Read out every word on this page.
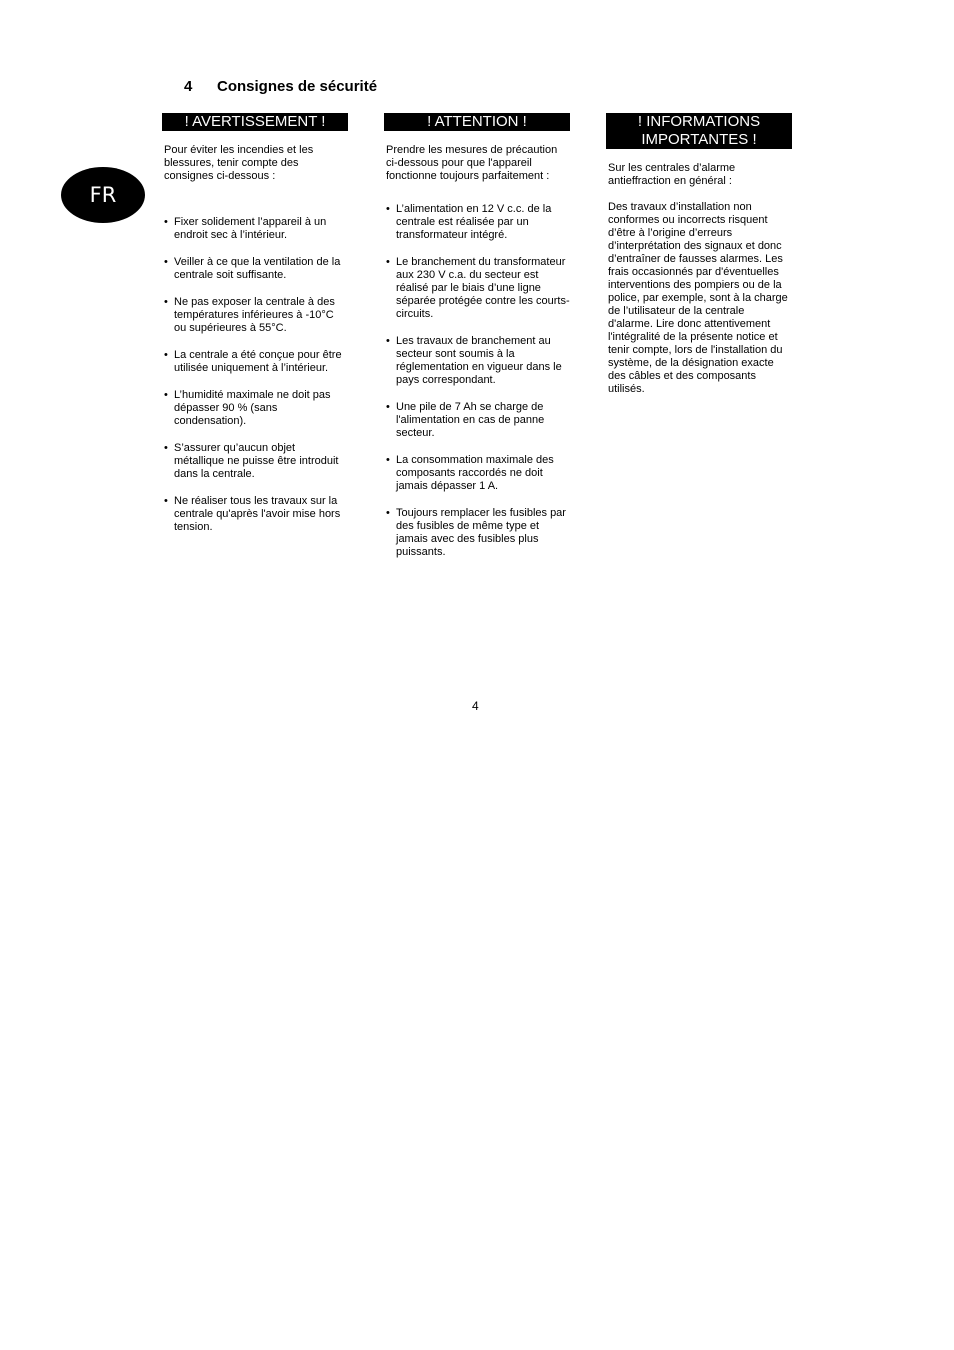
FR
4 Consignes de sécurité
! AVERTISSEMENT !

Pour éviter les incendies et les blessures, tenir compte des consignes ci-dessous :

• Fixer solidement l’appareil à un endroit sec à l’intérieur.
• Veiller à ce que la ventilation de la centrale soit suffisante.
• Ne pas exposer la centrale à des températures inférieures à -10°C ou supérieures à 55°C.
• La centrale a été conçue pour être utilisée uniquement à l’intérieur.
• L’humidité maximale ne doit pas dépasser 90 % (sans condensation).
• S’assurer qu’aucun objet métallique ne puisse être introduit dans la centrale.
• Ne réaliser tous les travaux sur la centrale qu'après l'avoir mise hors tension.
! ATTENTION !

Prendre les mesures de précaution ci-dessous pour que l'appareil fonctionne toujours parfaitement :

• L’alimentation en 12 V c.c. de la centrale est réalisée par un transformateur intégré.
• Le branchement du transformateur aux 230 V c.a. du secteur est réalisé par le biais d’une ligne séparée protégée contre les courts-circuits.
• Les travaux de branchement au secteur sont soumis à la réglementation en vigueur dans le pays correspondant.
• Une pile de 7 Ah se charge de l'alimentation en cas de panne secteur.
• La consommation maximale des composants raccordés ne doit jamais dépasser 1 A.
• Toujours remplacer les fusibles par des fusibles de même type et jamais avec des fusibles plus puissants.
! INFORMATIONS IMPORTANTES !

Sur les centrales d’alarme antieffraction en général :

Des travaux d’installation non conformes ou incorrects risquent d’être à l’origine d’erreurs d’interprétation des signaux et donc d’entraîner de fausses alarmes. Les frais occasionnés par d'éventuelles interventions des pompiers ou de la police, par exemple, sont à la charge de l’utilisateur de la centrale d'alarme. Lire donc attentivement l'intégralité de la présente notice et tenir compte, lors de l'installation du système, de la désignation exacte des câbles et des composants utilisés.

4
